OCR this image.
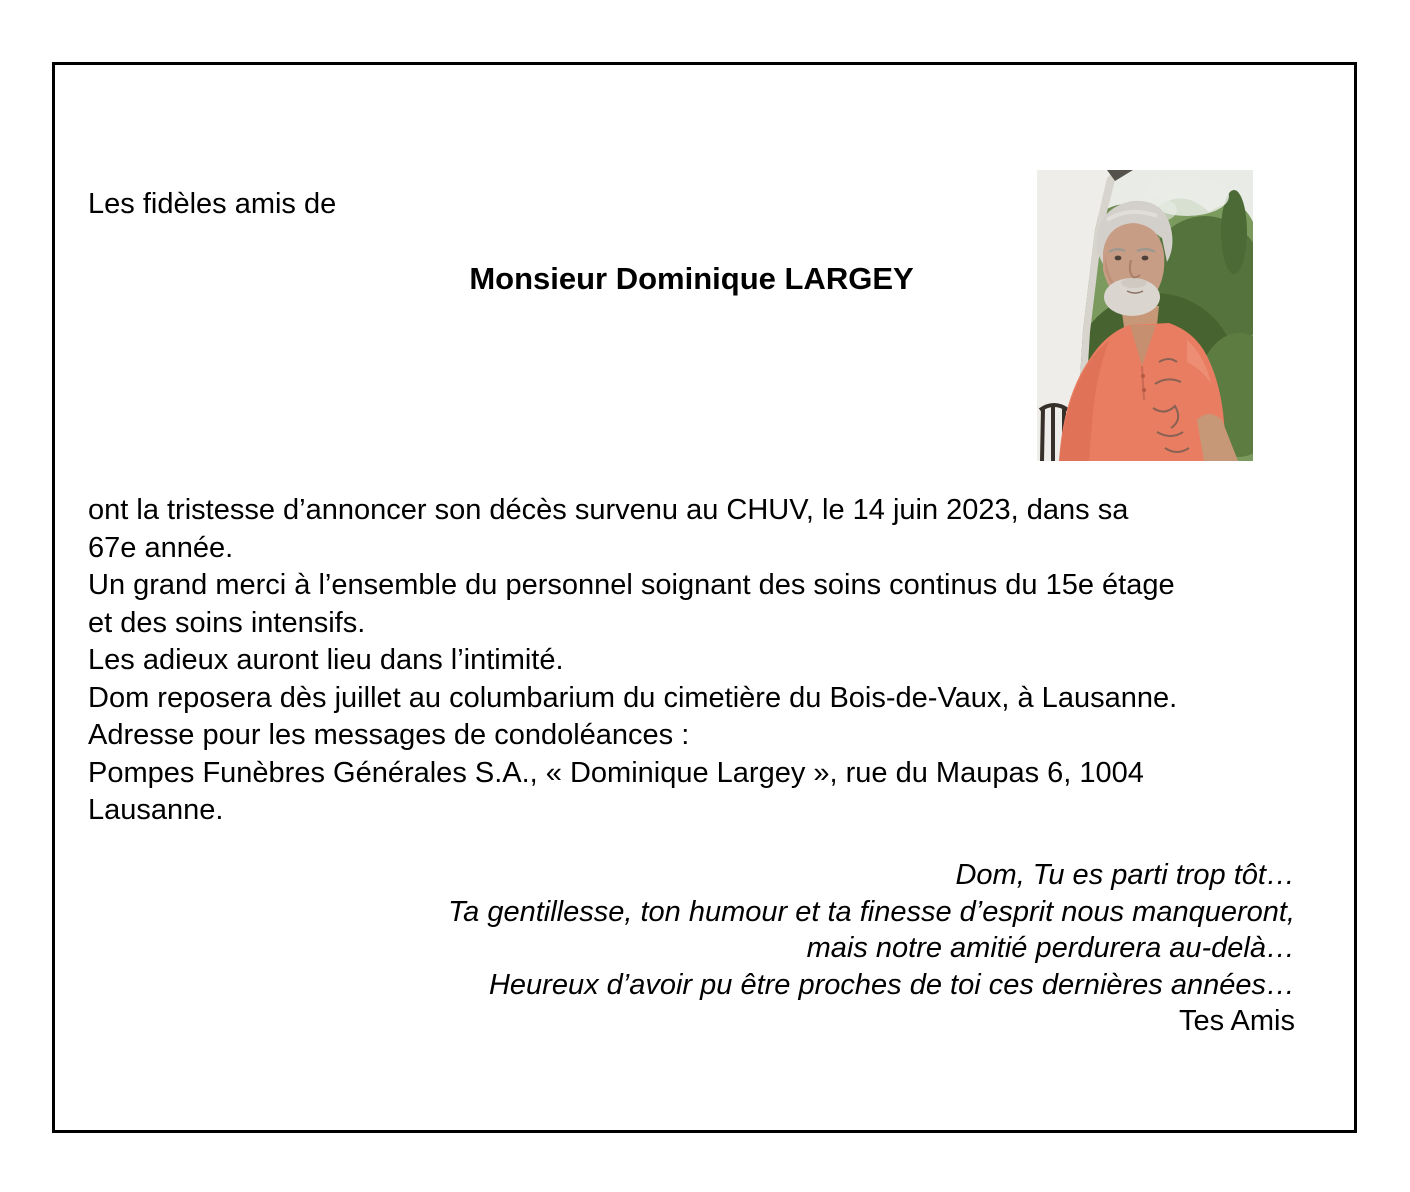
Les fidèles amis de
Monsieur Dominique LARGEY
ont la tristesse d’annoncer son décès survenu au CHUV, le 14 juin 2023, dans sa
67e année.
Un grand merci à l’ensemble du personnel soignant des soins continus du 15e étage
et des soins intensifs.
Les adieux auront lieu dans l’intimité.
Dom reposera dès juillet au columbarium du cimetière du Bois-de-Vaux, à Lausanne.
Adresse pour les messages de condoléances :
Pompes Funèbres Générales S.A., « Dominique Largey », rue du Maupas 6, 1004
Lausanne.
Dom, Tu es parti trop tôt…
Ta gentillesse, ton humour et ta finesse d’esprit nous manqueront,
mais notre amitié perdurera au-delà…
Heureux d’avoir pu être proches de toi ces dernières années…
Tes Amis
